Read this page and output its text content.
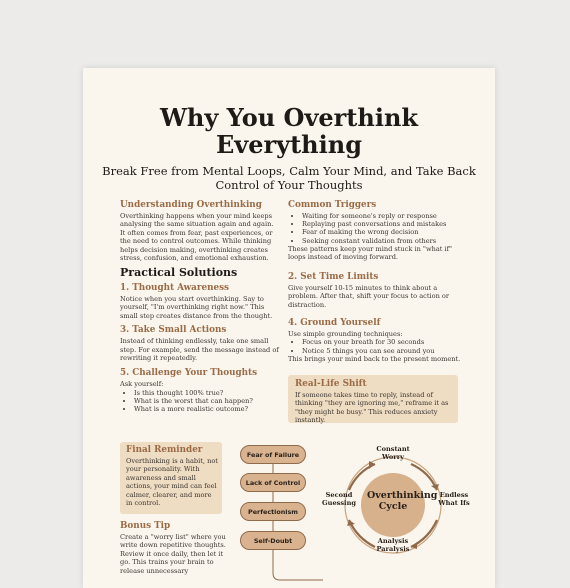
Why You Overthink
Everything
Break Free from Mental Loops, Calm Your Mind, and Take Back Control of Your Thoughts
Understanding Overthinking

Overthinking happens when your mind keeps analysing the same situation again and again. It often comes from fear, past experiences, or the need to control outcomes. While thinking helps decision making, overthinking creates stress, confusion, and emotional exhaustion.

Practical Solutions
1. Thought Awareness

Notice when you start overthinking. Say to yourself, "I'm overthinking right now." This small step creates distance from the thought.

3. Take Small Actions

Instead of thinking endlessly, take one small step. For example, send the message instead of rewriting it repeatedly.

5. Challenge Your Thoughts

Ask yourself:

• Is this thought 100% true?
• What is the worst that can happen?
• What is a more realistic outcome?
Common Triggers
• Waiting for someone's reply or response
• Replaying past conversations and mistakes
• Fear of making the wrong decision
• Seeking constant validation from others

These patterns keep your mind stuck in "what if" loops instead of moving forward.

2. Set Time Limits

Give yourself 10-15 minutes to think about a problem. After that, shift your focus to action or distraction.

4. Ground Yourself

Use simple grounding techniques:

• Focus on your breath for 30 seconds
• Notice 5 things you can see around you

This brings your mind back to the present moment.

Real-Life Shift

If someone takes time to reply, instead of thinking "they are ignoring me," reframe it as "they might be busy." This reduces anxiety instantly.

Final Reminder

Overthinking is a habit, not your personality. With awareness and small actions, your mind can feel calmer, clearer, and more in control.

Bonus Tip

Create a "worry list" where you write down repetitive thoughts. Review it once daily, then let it go. This trains your brain to release unnecessary

Fear of Failure
Lack of Control
Perfectionism
Self-Doubt
Overthinking
Cycle
Constant
Worry
Endless
What Ifs
Analysis
Paralysis
Second
Guessing
